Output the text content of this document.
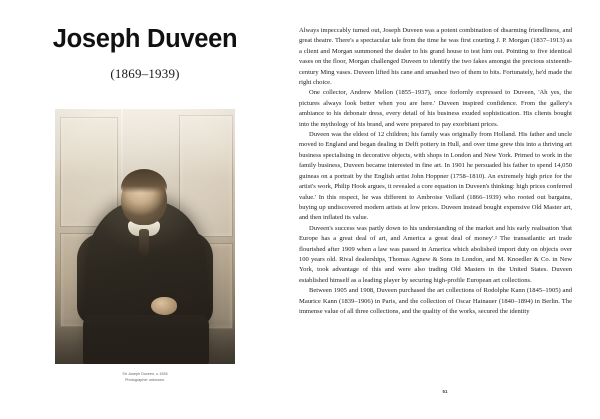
Joseph Duveen
(1869–1939)
Sir Joseph Duveen, c.1928
Photographer unknown.

Always impeccably turned out, Joseph Duveen was a potent combination of disarming friendliness, and great theatre. There's a spectacular tale from the time he was first courting J. P. Morgan (1837–1913) as a client and Morgan summoned the dealer to his grand house to test him out. Pointing to five identical vases on the floor, Morgan challenged Duveen to identify the two fakes amongst the precious sixteenth-century Ming vases. Duveen lifted his cane and smashed two of them to bits. Fortunately, he'd made the right choice.

One collector, Andrew Mellon (1855–1937), once forlornly expressed to Duveen, 'Ah yes, the pictures always look better when you are here.' Duveen inspired confidence. From the gallery's ambiance to his debonair dress, every detail of his business exuded sophistication. His clients bought into the mythology of his brand, and were prepared to pay exorbitant prices.

Duveen was the eldest of 12 children; his family was originally from Holland. His father and uncle moved to England and began dealing in Delft pottery in Hull, and over time grew this into a thriving art business specialising in decorative objects, with shops in London and New York. Primed to work in the family business, Duveen became interested in fine art. In 1901 he persuaded his father to spend 14,050 guineas on a portrait by the English artist John Hoppner (1758–1810). An extremely high price for the artist's work, Philip Hook argues, it revealed a core equation in Duveen's thinking: high prices conferred value.' In this respect, he was different to Ambroise Vollard (1866–1939) who rooted out bargains, buying up undiscovered modern artists at low prices. Duveen instead bought expensive Old Master art, and then inflated its value.

Duveen's success was partly down to his understanding of the market and his early realisation 'that Europe has a great deal of art, and America a great deal of money'.² The transatlantic art trade flourished after 1909 when a law was passed in America which abolished import duty on objects over 100 years old. Rival dealerships, Thomas Agnew & Sons in London, and M. Knoedler & Co. in New York, took advantage of this and were also trading Old Masters in the United States. Duveen established himself as a leading player by securing high-profile European art collections.

Between 1905 and 1908, Duveen purchased the art collections of Rodolphe Kann (1845–1905) and Maurice Kann (1839–1906) in Paris, and the collection of Oscar Hainauer (1840–1894) in Berlin. The immense value of all three collections, and the quality of the works, secured the identity

51
